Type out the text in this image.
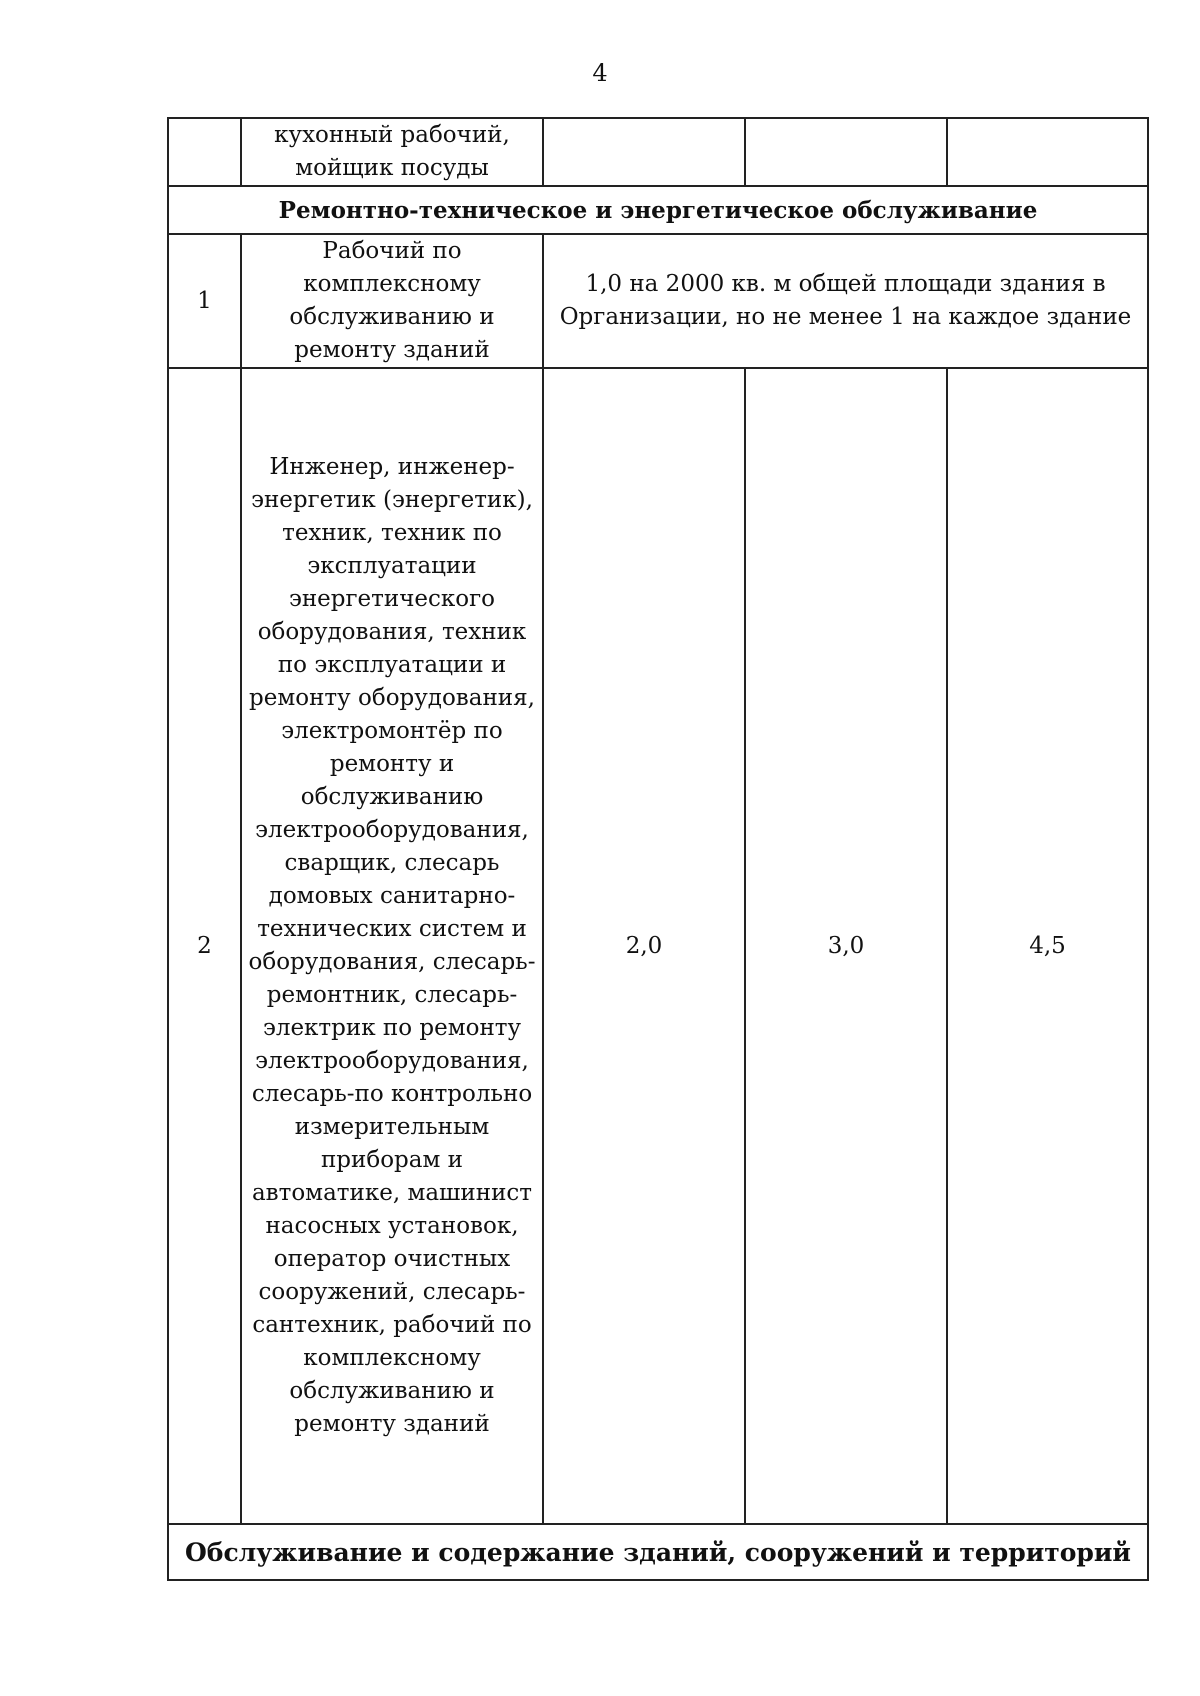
4
	кухонный рабочий, мойщик посуды			
Ремонтно-техническое и энергетическое обслуживание				
1	Рабочий по комплексному обслуживанию и ремонту зданий	1,0 на 2000 кв. м общей площади здания в Организации, но не менее 1 на каждое здание		
2	Инженер, инженер-энергетик (энергетик), техник, техник по эксплуатации энергетического оборудования, техник по эксплуатации и ремонту оборудования, электромонтёр по ремонту и обслуживанию электрооборудования, сварщик, слесарь домовых санитарно-технических систем и оборудования, слесарь-ремонтник, слесарь-электрик по ремонту электрооборудования, слесарь-по контрольно измерительным приборам и автоматике, машинист насосных установок, оператор очистных сооружений, слесарь-сантехник, рабочий по комплексному обслуживанию и ремонту зданий	2,0	3,0	4,5
Обслуживание и содержание зданий, сооружений и территорий				
